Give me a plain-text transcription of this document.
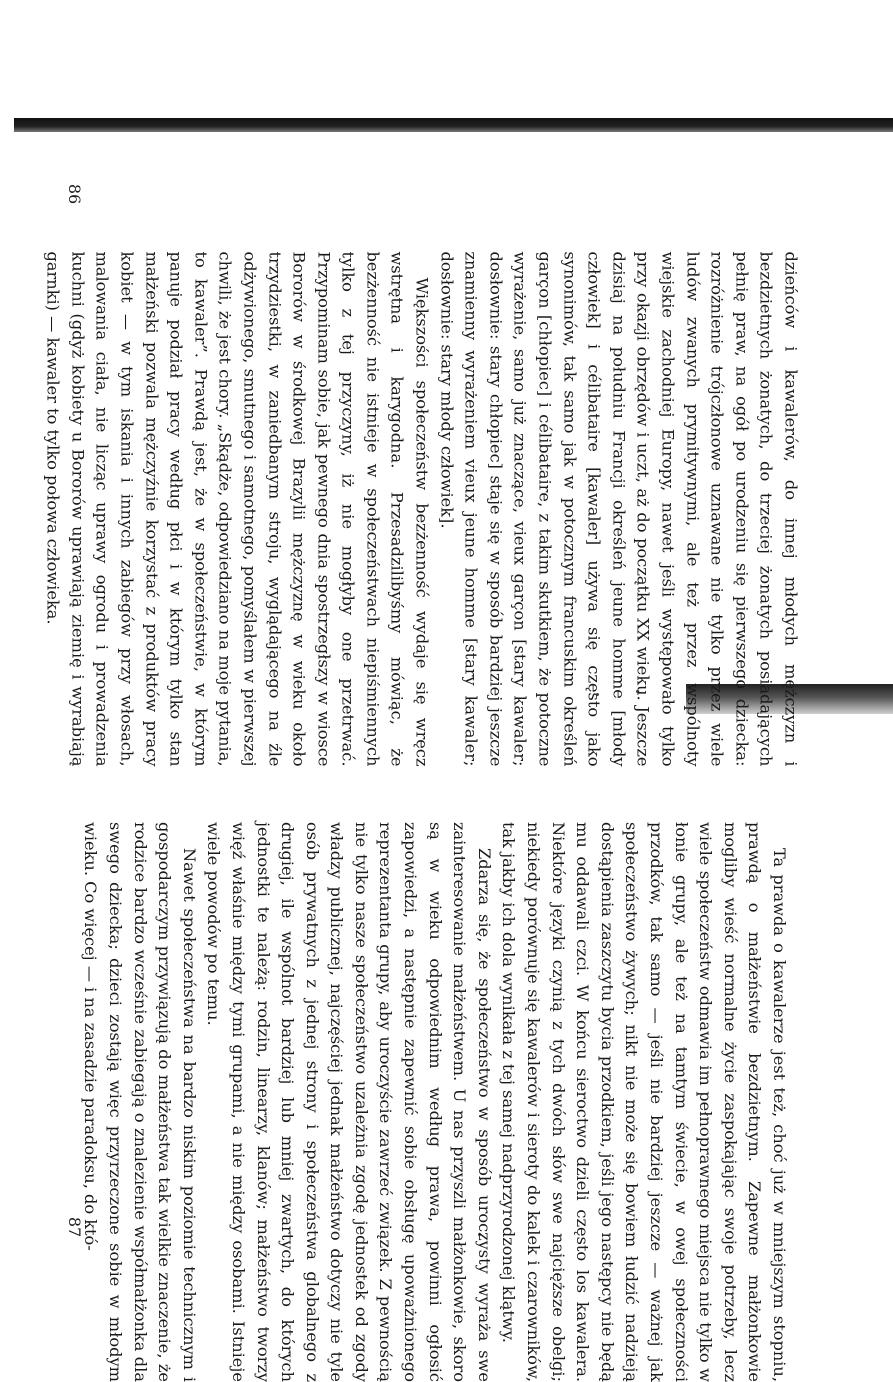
dzieńców i kawalerów, do innej młodych mężczyzn i bezdzietnych żonatych, do trzeciej żonatych posiadających pełnię praw, na ogół po urodzeniu się pierwszego dziecka: rozróżnienie trójczłonowe uznawane nie tylko przez wiele ludów zwanych prymitywnymi, ale też przez wspólnoty wiejskie zachodniej Europy, nawet jeśli występowało tylko przy okazji obrzędów i uczt, aż do początku XX wieku. Jeszcze dzisiaj na południu Francji określeń jeune homme [młody człowiek] i célibataire [kawaler] używa się często jako synonimów, tak samo jak w potocznym francuskim określeń garçon [chłopiec] i célibataire, z takim skutkiem, że potoczne wyrażenie, samo już znaczące, vieux garçon [stary kawaler; dosłownie: stary chłopiec] staje się w sposób bardziej jeszcze znamienny wyrażeniem vieux jeune homme [stary kawaler; dosłownie: stary młody człowiek].

Większości społeczeństw bezżenność wydaje się wręcz wstrętna i karygodna. Przesadzilibyśmy mówiąc, że bezżenność nie istnieje w społeczeństwach niepiśmiennych tylko z tej przyczyny, iż nie mogłyby one przetrwać. Przypominam sobie, jak pewnego dnia spostrzegłszy w wiosce Bororów w środkowej Brazylii mężczyznę w wieku około trzydziestki, w zaniedbanym stroju, wyglądającego na źle odżywionego, smutnego i samotnego, pomyślałem w pierwszej chwili, że jest chory. „Skądże, odpowiedziano na moje pytania, to kawaler”. Prawdą jest, że w społeczeństwie, w którym panuje podział pracy według płci i w którym tylko stan małżeński pozwala mężczyźnie korzystać z produktów pracy kobiet — w tym iskania i innych zabiegów przy włosach, malowania ciała, nie licząc uprawy ogrodu i prowadzenia kuchni (gdyż kobiety u Bororów uprawiają ziemię i wyrabiają garnki) — kawaler to tylko połowa człowieka.

86

Ta prawda o kawalerze jest też, choć już w mniejszym stopniu, prawdą o małżeństwie bezdzietnym. Zapewne małżonkowie mogliby wieść normalne życie zaspokajając swoje potrzeby, lecz wiele społeczeństw odmawia im pełnoprawnego miejsca nie tylko w łonie grupy, ale też na tamtym świecie, w owej społeczności przodków, tak samo — jeśli nie bardziej jeszcze — ważnej jak społeczeństwo żywych; nikt nie może się bowiem łudzić nadzieją dostąpienia zaszczytu bycia przodkiem, jeśli jego następcy nie będą mu oddawali czci. W końcu sieroctwo dzieli często los kawalera. Niektóre języki czynią z tych dwóch słów swe najcięższe obelgi; niekiedy porównuje się kawalerów i sieroty do kalek i czarowników, tak jakby ich dola wynikała z tej samej nadprzyrodzonej klątwy.

Zdarza się, że społeczeństwo w sposób uroczysty wyraża swe zainteresowanie małżeństwem. U nas przyszli małżonkowie, skoro są w wieku odpowiednim według prawa, powinni ogłosić zapowiedzi, a następnie zapewnić sobie obsługę upoważnionego reprezentanta grupy, aby uroczyście zawrzeć związek. Z pewnością nie tylko nasze społeczeństwo uzależnia zgodę jednostek od zgody władzy publicznej, najczęściej jednak małżeństwo dotyczy nie tyle osób prywatnych z jednej strony i społeczeństwa globalnego z drugiej, ile wspólnot bardziej lub mniej zwartych, do których jednostki te należą: rodzin, linearzy, klanów; małżeństwo tworzy więź właśnie między tymi grupami, a nie między osobami. Istnieje wiele powodów po temu.

Nawet społeczeństwa na bardzo niskim poziomie technicznym i gospodarczym przywiązują do małżeństwa tak wielkie znaczenie, że rodzice bardzo wcześnie zabiegają o znalezienie współmałżonka dla swego dziecka; dzieci zostają więc przyrzeczone sobie w młodym wieku. Co więcej — i na zasadzie paradoksu, do któ-

87
